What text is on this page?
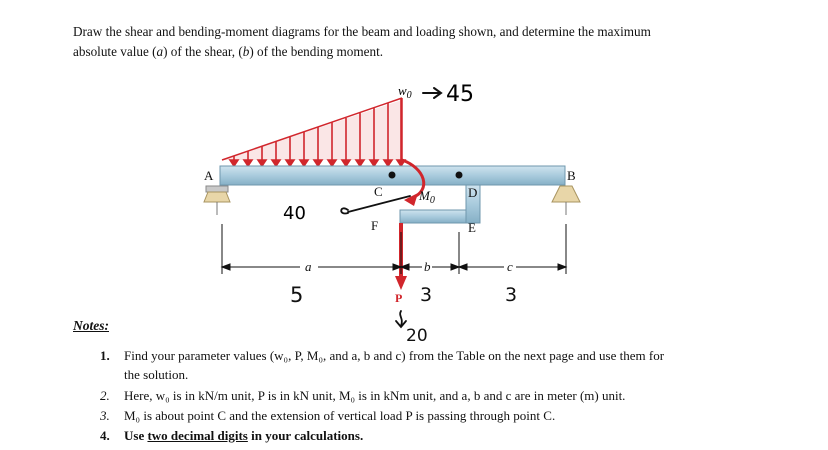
Draw the shear and bending-moment diagrams for the beam and loading shown, and determine the maximum
absolute value (a) of the shear, (b) of the bending moment.
$w_0$ 45
A	B
C	D
E
F
$M_0$
P
40
a	b	c
5	3	3
20
Notes:
1. Find your parameter values (w₀, P, M₀, and a, b and c) from the Table on the next page and use them for
the solution.
2. Here, w₀ is in kN/m unit, P is in kN unit, M₀ is in kNm unit, and a, b and c are in meter (m) unit.
3. M₀ is about point C and the extension of vertical load P is passing through point C.
4. Use two decimal digits in your calculations.
